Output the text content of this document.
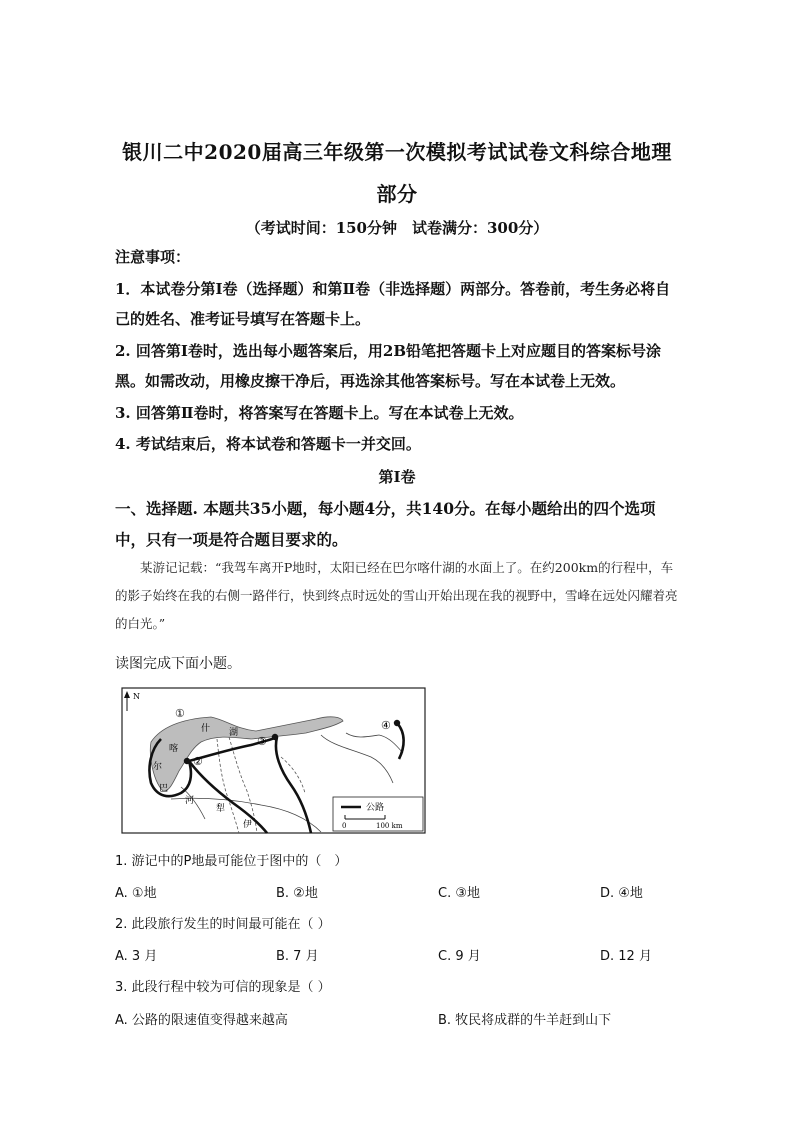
银川二中2020届高三年级第一次模拟考试试卷文科综合地理
部分
（考试时间：150分钟　试卷满分：300分）
注意事项：
1．本试卷分第Ⅰ卷（选择题）和第Ⅱ卷（非选择题）两部分。答卷前，考生务必将自己的姓名、准考证号填写在答题卡上。
2. 回答第Ⅰ卷时，选出每小题答案后，用2B铅笔把答题卡上对应题目的答案标号涂黑。如需改动，用橡皮擦干净后，再选涂其他答案标号。写在本试卷上无效。
3. 回答第Ⅱ卷时，将答案写在答题卡上。写在本试卷上无效。
4. 考试结束后，将本试卷和答题卡一并交回。
第Ⅰ卷
一、选择题. 本题共35小题，每小题4分，共140分。在每小题给出的四个选项中，只有一项是符合题目要求的。
某游记记载：“我驾车离开P地时，太阳已经在巴尔喀什湖的水面上了。在约200km的行程中，车的影子始终在我的右侧一路伴行，快到终点时远处的雪山开始出现在我的视野中，雪峰在远处闪耀着亮的白光。”
读图完成下面小题。
N
①
②
③
④
巴
尔
喀
什 湖
伊
犁
河
公路
0	100 km
1. 游记中的P地最可能位于图中的（　）
A. ①地	B. ②地	C. ③地	D. ④地
2. 此段旅行发生的时间最可能在（ ）
A. 3 月	B. 7 月	C. 9 月	D. 12 月
3. 此段行程中较为可信的现象是（ ）
A. 公路的限速值变得越来越高	B. 牧民将成群的牛羊赶到山下
